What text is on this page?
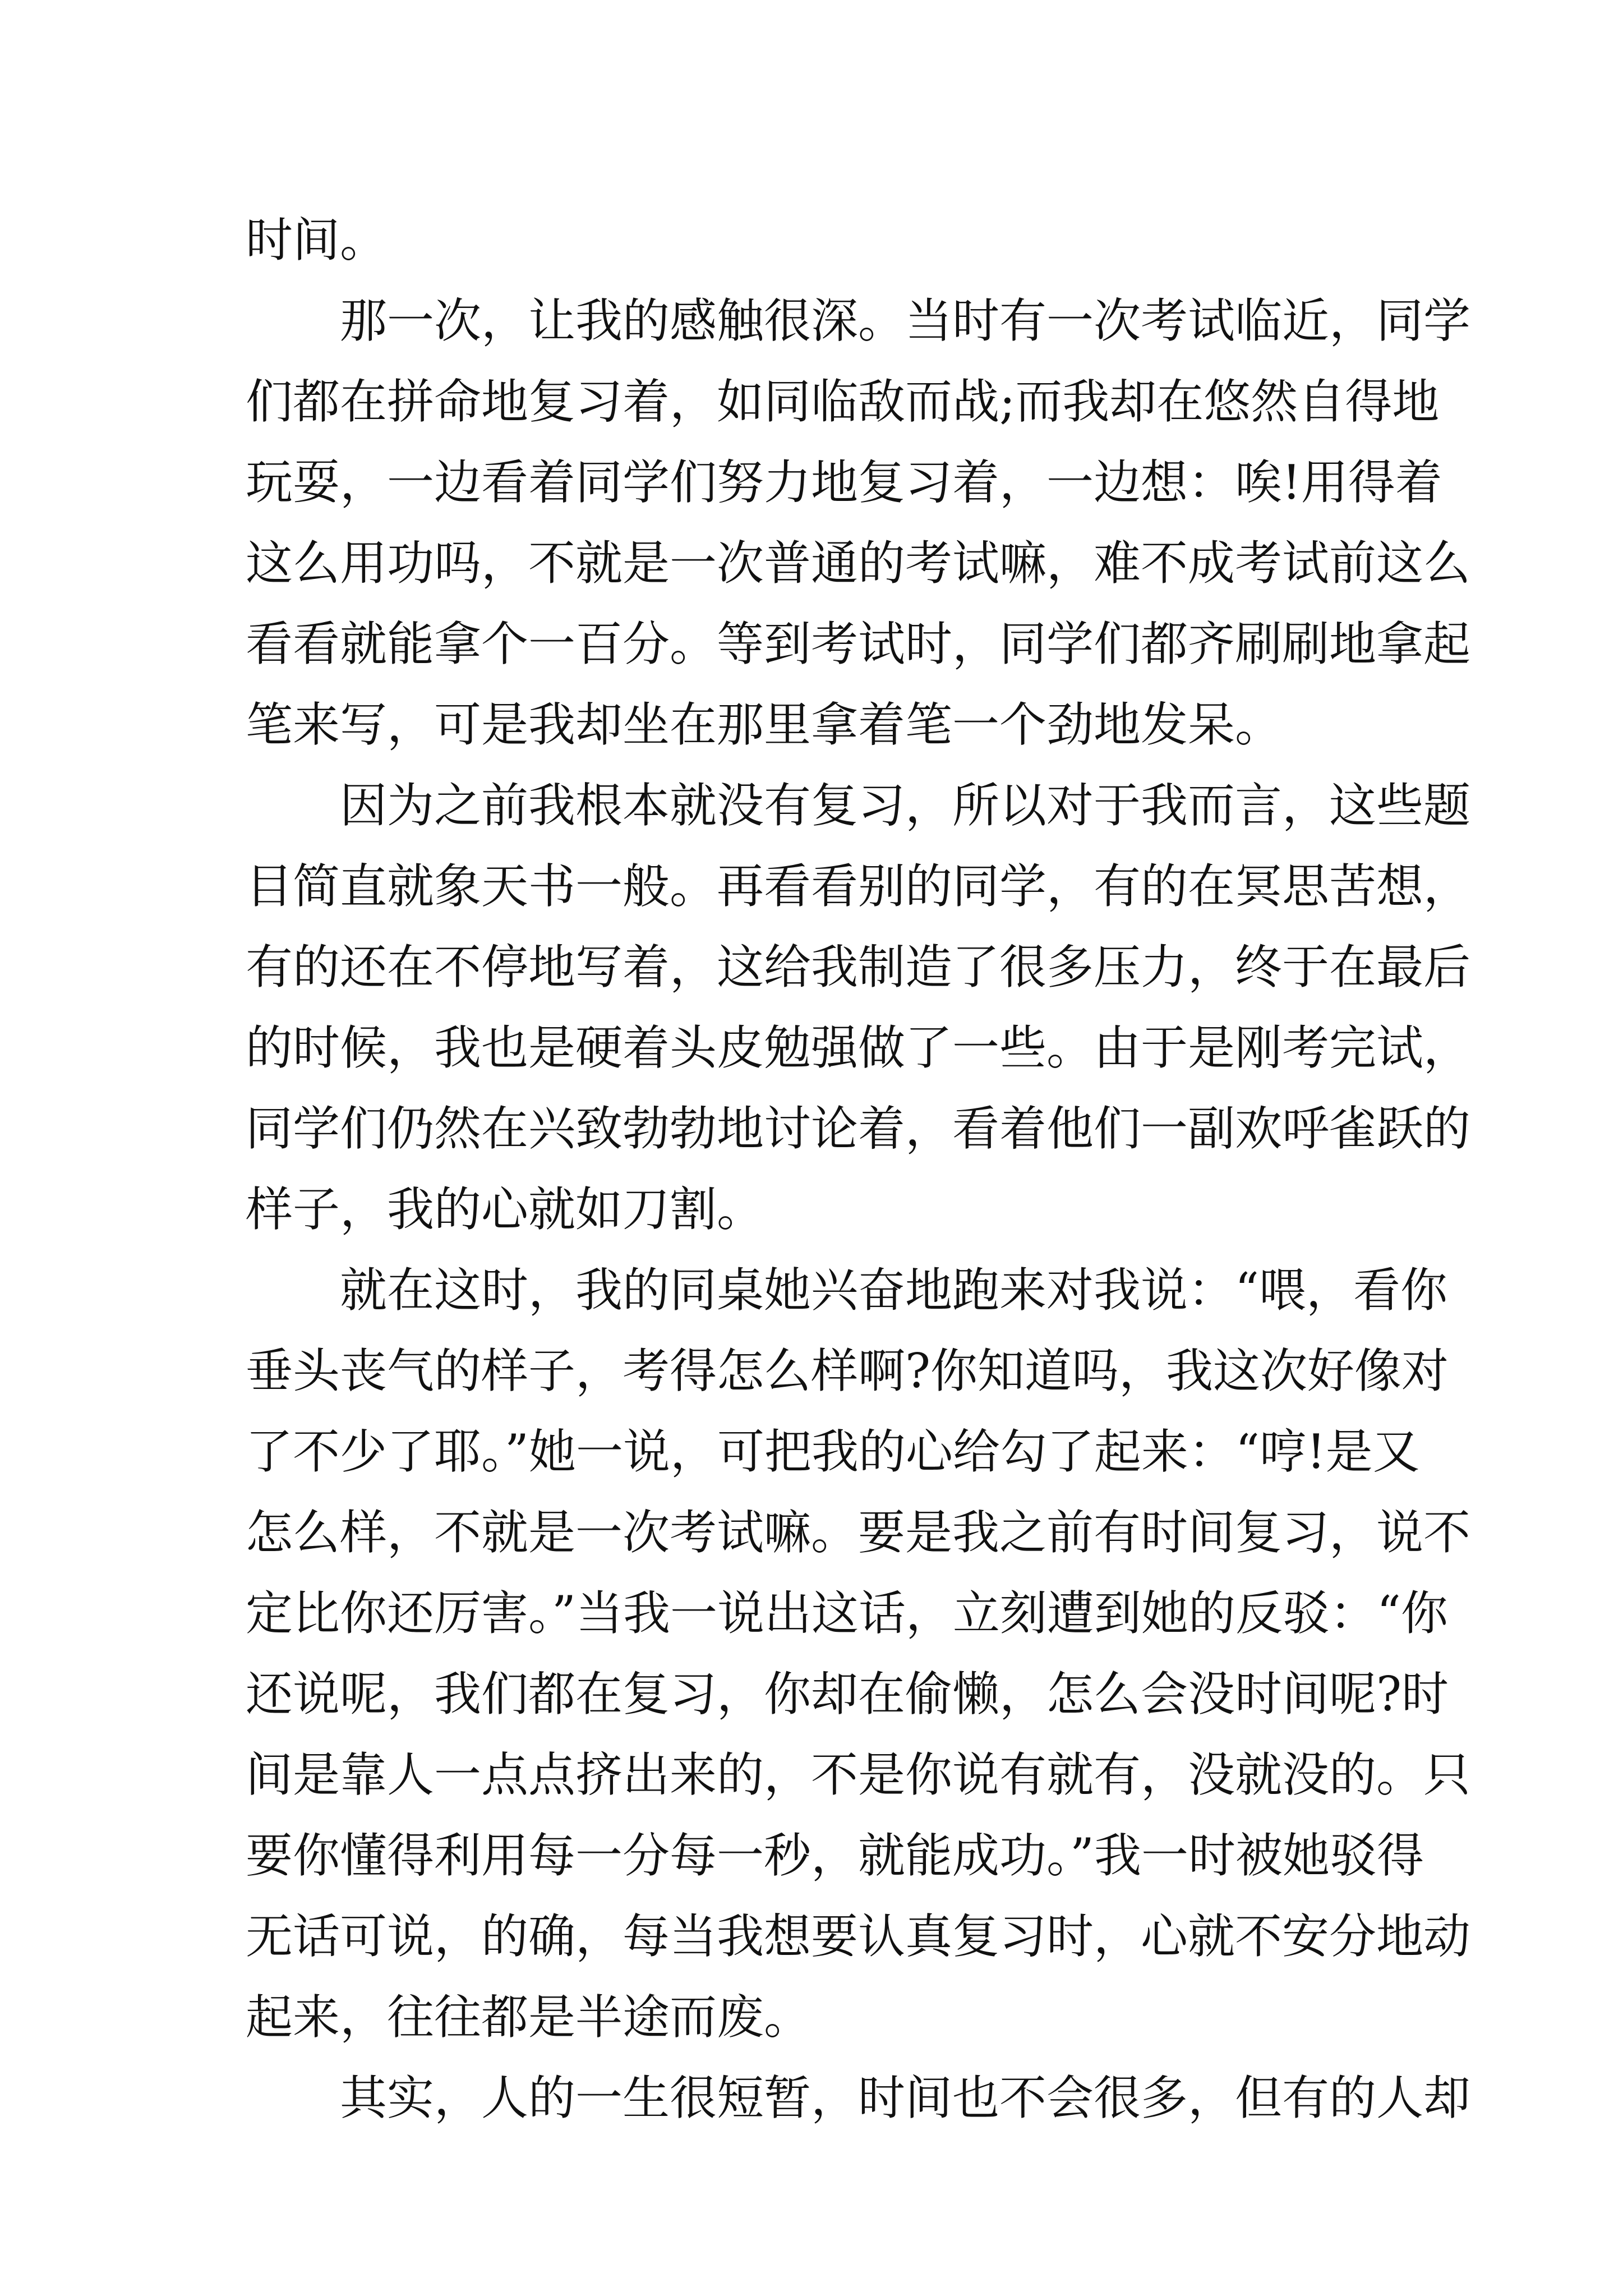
时间。
那一次，让我的感触很深。当时有一次考试临近，同学
们都在拼命地复习着，如同临敌而战;而我却在悠然自得地
玩耍，一边看着同学们努力地复习着，一边想：唉!用得着
这么用功吗，不就是一次普通的考试嘛，难不成考试前这么
看看就能拿个一百分。等到考试时，同学们都齐刷刷地拿起
笔来写，可是我却坐在那里拿着笔一个劲地发呆。
因为之前我根本就没有复习，所以对于我而言，这些题
目简直就象天书一般。再看看别的同学，有的在冥思苦想，
有的还在不停地写着，这给我制造了很多压力，终于在最后
的时候，我也是硬着头皮勉强做了一些。由于是刚考完试，
同学们仍然在兴致勃勃地讨论着，看着他们一副欢呼雀跃的
样子，我的心就如刀割。
就在这时，我的同桌她兴奋地跑来对我说：“喂，看你
垂头丧气的样子，考得怎么样啊?你知道吗，我这次好像对
了不少了耶。”她一说，可把我的心给勾了起来：“哼!是又
怎么样，不就是一次考试嘛。要是我之前有时间复习，说不
定比你还厉害。”当我一说出这话，立刻遭到她的反驳：“你
还说呢，我们都在复习，你却在偷懒，怎么会没时间呢?时
间是靠人一点点挤出来的，不是你说有就有，没就没的。只
要你懂得利用每一分每一秒，就能成功。”我一时被她驳得
无话可说，的确，每当我想要认真复习时，心就不安分地动
起来，往往都是半途而废。
其实，人的一生很短暂，时间也不会很多，但有的人却
